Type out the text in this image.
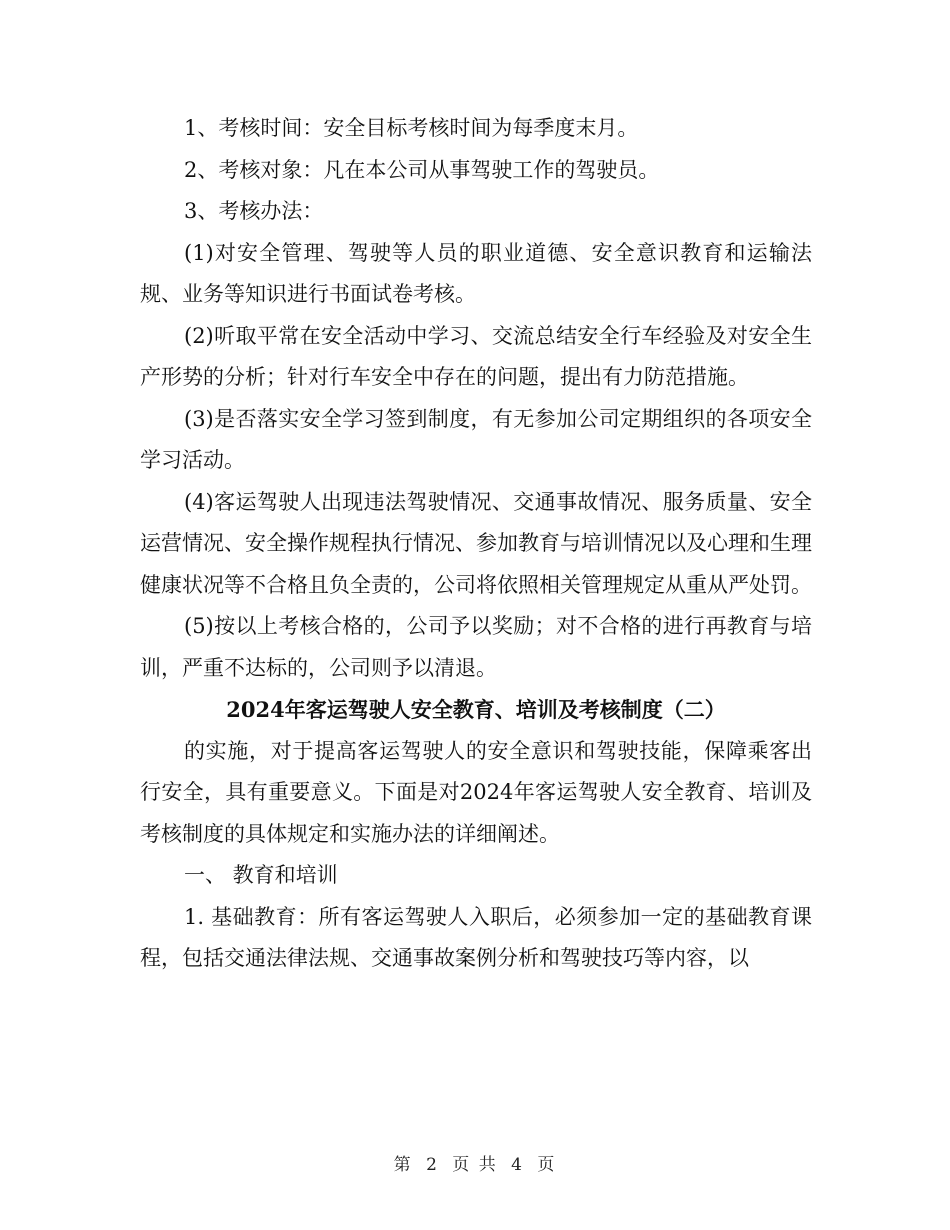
1、考核时间：安全目标考核时间为每季度末月。

2、考核对象：凡在本公司从事驾驶工作的驾驶员。

3、考核办法：

(1)对安全管理、驾驶等人员的职业道德、安全意识教育和运输法规、业务等知识进行书面试卷考核。

(2)听取平常在安全活动中学习、交流总结安全行车经验及对安全生产形势的分析；针对行车安全中存在的问题，提出有力防范措施。

(3)是否落实安全学习签到制度，有无参加公司定期组织的各项安全学习活动。

(4)客运驾驶人出现违法驾驶情况、交通事故情况、服务质量、安全运营情况、安全操作规程执行情况、参加教育与培训情况以及心理和生理健康状况等不合格且负全责的，公司将依照相关管理规定从重从严处罚。

(5)按以上考核合格的，公司予以奖励；对不合格的进行再教育与培训，严重不达标的，公司则予以清退。

2024年客运驾驶人安全教育、培训及考核制度（二）

的实施，对于提高客运驾驶人的安全意识和驾驶技能，保障乘客出行安全，具有重要意义。下面是对2024年客运驾驶人安全教育、培训及考核制度的具体规定和实施办法的详细阐述。

一、 教育和培训

1. 基础教育：所有客运驾驶人入职后，必须参加一定的基础教育课程，包括交通法律法规、交通事故案例分析和驾驶技巧等内容，以

第 2 页 共 4 页
